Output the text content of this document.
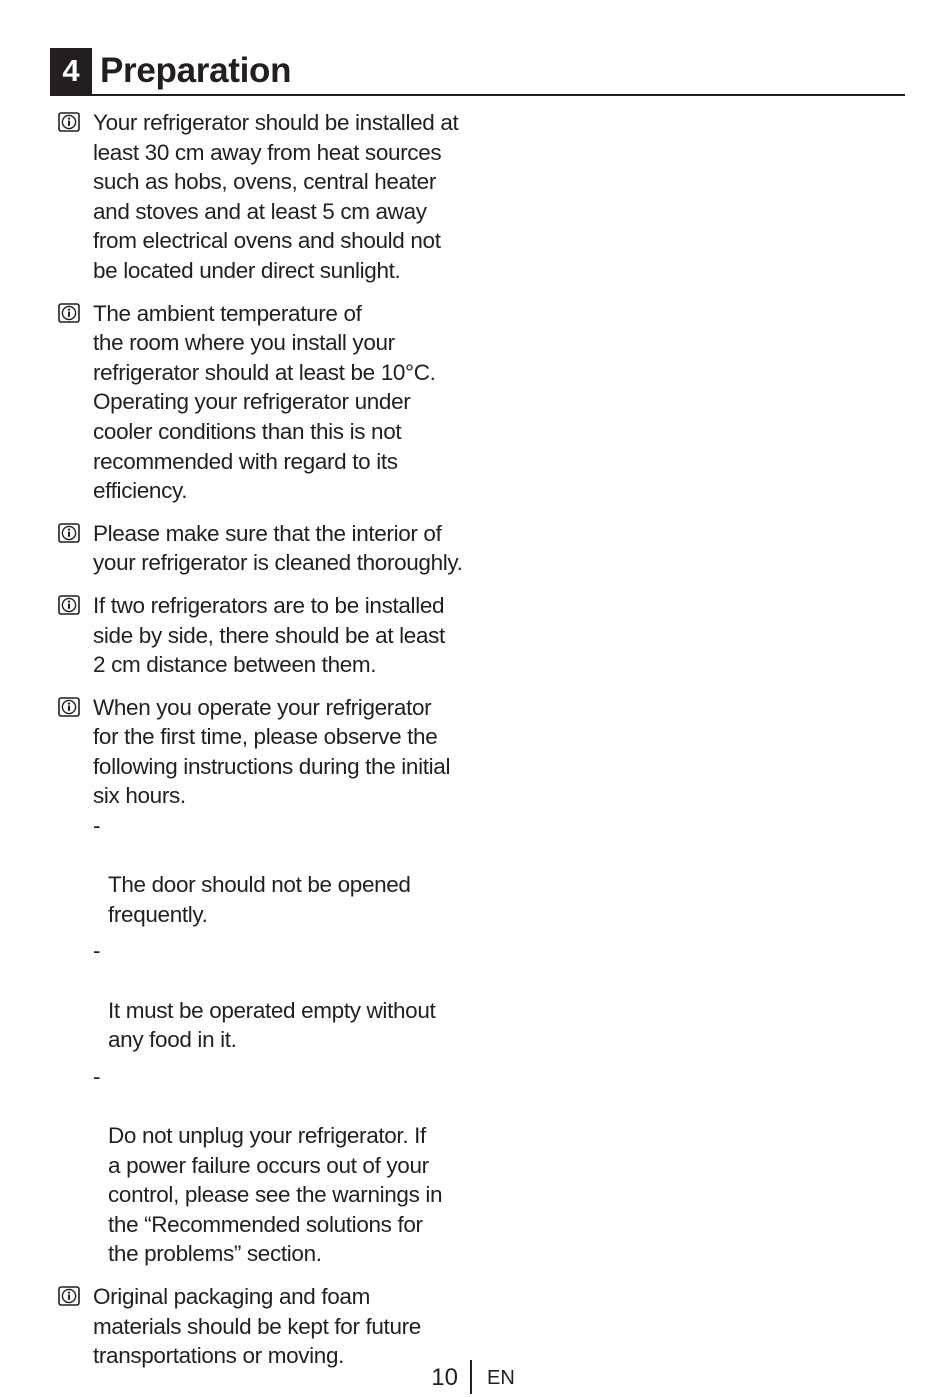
4 Preparation
Your refrigerator should be installed at
least 30 cm away from heat sources
such as hobs, ovens, central heater
and stoves and at least 5 cm away
from electrical ovens and should not
be located under direct sunlight.
The ambient temperature of
the room where you install your
refrigerator should at least be 10°C.
Operating your refrigerator under
cooler conditions than this is not
recommended with regard to its
efficiency.
Please make sure that the interior of
your refrigerator is cleaned thoroughly.
If two refrigerators are to be installed
side by side, there should be at least
2 cm distance between them.
When you operate your refrigerator
for the first time, please observe the
following instructions during the initial
six hours.

-

The door should not be opened
frequently.

-

It must be operated empty without
any food in it.

-

Do not unplug your refrigerator. If
a power failure occurs out of your
control, please see the warnings in
the “Recommended solutions for
the problems” section.

Original packaging and foam
materials should be kept for future
transportations or moving.
10 EN
